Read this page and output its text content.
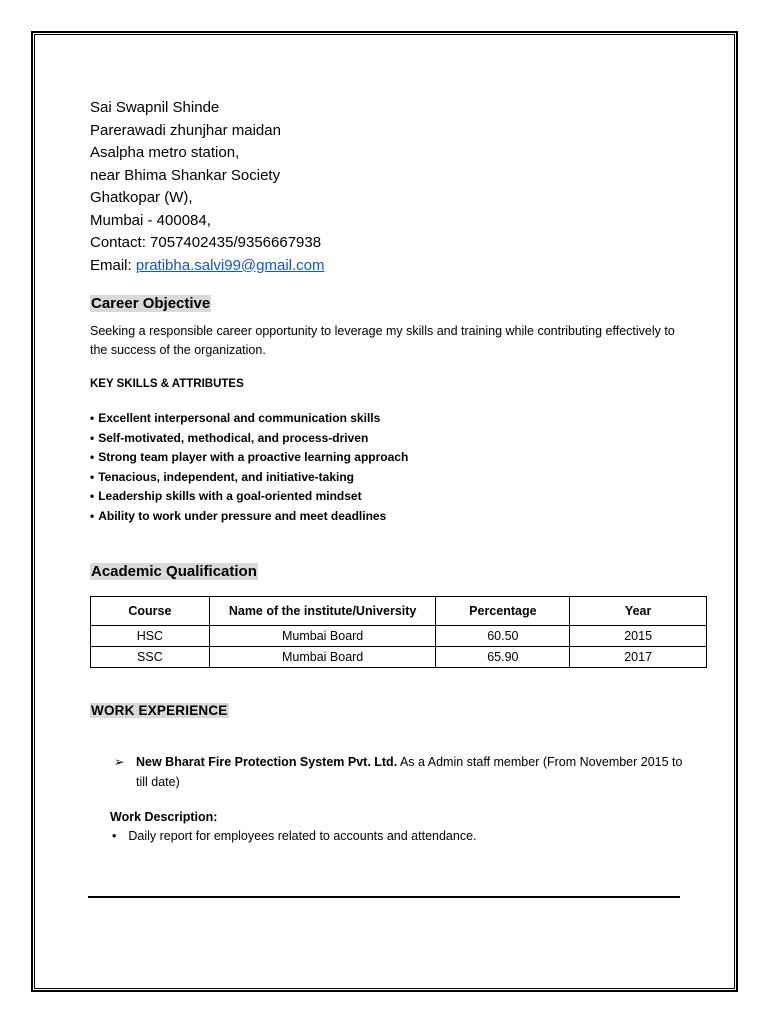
Sai Swapnil Shinde
Parerawadi zhunjhar maidan
Asalpha metro station,
near Bhima Shankar Society
Ghatkopar (W),
Mumbai - 400084,
Contact: 7057402435/9356667938
Email: pratibha.salvi99@gmail.com
Career Objective
Seeking a responsible career opportunity to leverage my skills and training while contributing effectively to the success of the organization.
KEY SKILLS & ATTRIBUTES
• Excellent interpersonal and communication skills
• Self-motivated, methodical, and process-driven
• Strong team player with a proactive learning approach
• Tenacious, independent, and initiative-taking
• Leadership skills with a goal-oriented mindset
• Ability to work under pressure and meet deadlines
Academic Qualification
Course	Name of the institute/University	Percentage	Year
HSC	Mumbai Board	60.50	2015
SSC	Mumbai Board	65.90	2017
WORK EXPERIENCE
➢ New Bharat Fire Protection System Pvt. Ltd. As a Admin staff member (From November 2015 to till date)
Work Description:
• Daily report for employees related to accounts and attendance.
